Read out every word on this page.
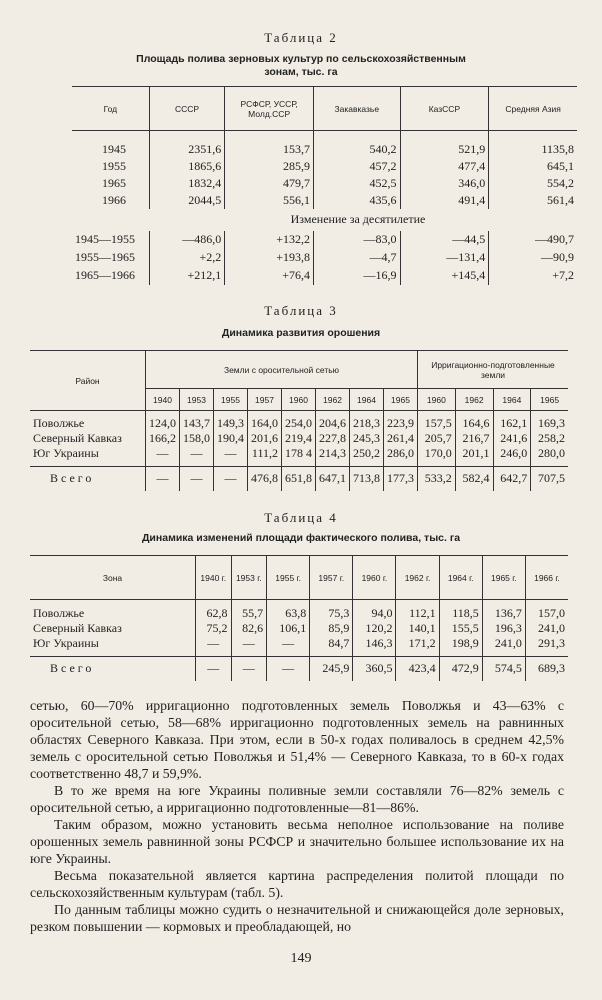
Таблица 2
Площадь полива зерновых культур по сельскохозяйственным
зонам, тыс. га
Год	СССР	РСФСР, УССР, Молд.ССР	Закавказье	КазССР	Средняя Азия

1945	2351,6	153,7	540,2	521,9	1135,8
1955	1865,6	285,9	457,2	477,4	645,1
1965	1832,4	479,7	452,5	346,0	554,2
1966	2044,5	556,1	435,6	491,4	561,4
Изменение за десятилетие					
1945—1955	—486,0	+132,2	—83,0	—44,5	—490,7
1955—1965	+2,2	+193,8	—4,7	—131,4	—90,9
1965—1966	+212,1	+76,4	—16,9	+145,4	+7,2
Таблица 3
Динамика развития орошения
Район	Земли с оросительной сетью								Ирригационно-подготовленные земли			
	1940	1953	1955	1957	1960	1962	1964	1965	1960	1962	1964	1965

Поволжье	124,0	143,7	149,3	164,0	254,0	204,6	218,3	223,9	157,5	164,6	162,1	169,3
Северный Кавказ	166,2	158,0	190,4	201,6	219,4	227,8	245,3	261,4	205,7	216,7	241,6	258,2
Юг Украины	—	—	—	111,2	178 4	214,3	250,2	286,0	170,0	201,1	246,0	280,0

Всего	—	—	—	476,8	651,8	647,1	713,8	177,3	533,2	582,4	642,7	707,5
Таблица 4
Динамика изменений площади фактического полива, тыс. га
Зона	1940 г.	1953 г.	1955 г.	1957 г.	1960 г.	1962 г.	1964 г.	1965 г.	1966 г.

Поволжье	62,8	55,7	63,8	75,3	94,0	112,1	118,5	136,7	157,0
Северный Кавказ	75,2	82,6	106,1	85,9	120,2	140,1	155,5	196,3	241,0
Юг Украины	—	—	—	84,7	146,3	171,2	198,9	241,0	291,3

Всего	—	—	—	245,9	360,5	423,4	472,9	574,5	689,3

сетью, 60—70% ирригационно подготовленных земель Поволжья и 43—63% с оросительной сетью, 58—68% ирригационно подготовленных земель на равнинных областях Северного Кавказа. При этом, если в 50-х годах поливалось в среднем 42,5% земель с оросительной сетью Поволжья и 51,4% — Северного Кавказа, то в 60-х годах соответственно 48,7 и 59,9%.

В то же время на юге Украины поливные земли составляли 76—82% земель с оросительной сетью, а ирригационно подготовленные—81—86%.

Таким образом, можно установить весьма неполное использование на поливе орошенных земель равнинной зоны РСФСР и значительно большее использование их на юге Украины.

Весьма показательной является картина распределения политой площади по сельскохозяйственным культурам (табл. 5).

По данным таблицы можно судить о незначительной и снижающейся доле зерновых, резком повышении — кормовых и преобладающей, но

149
